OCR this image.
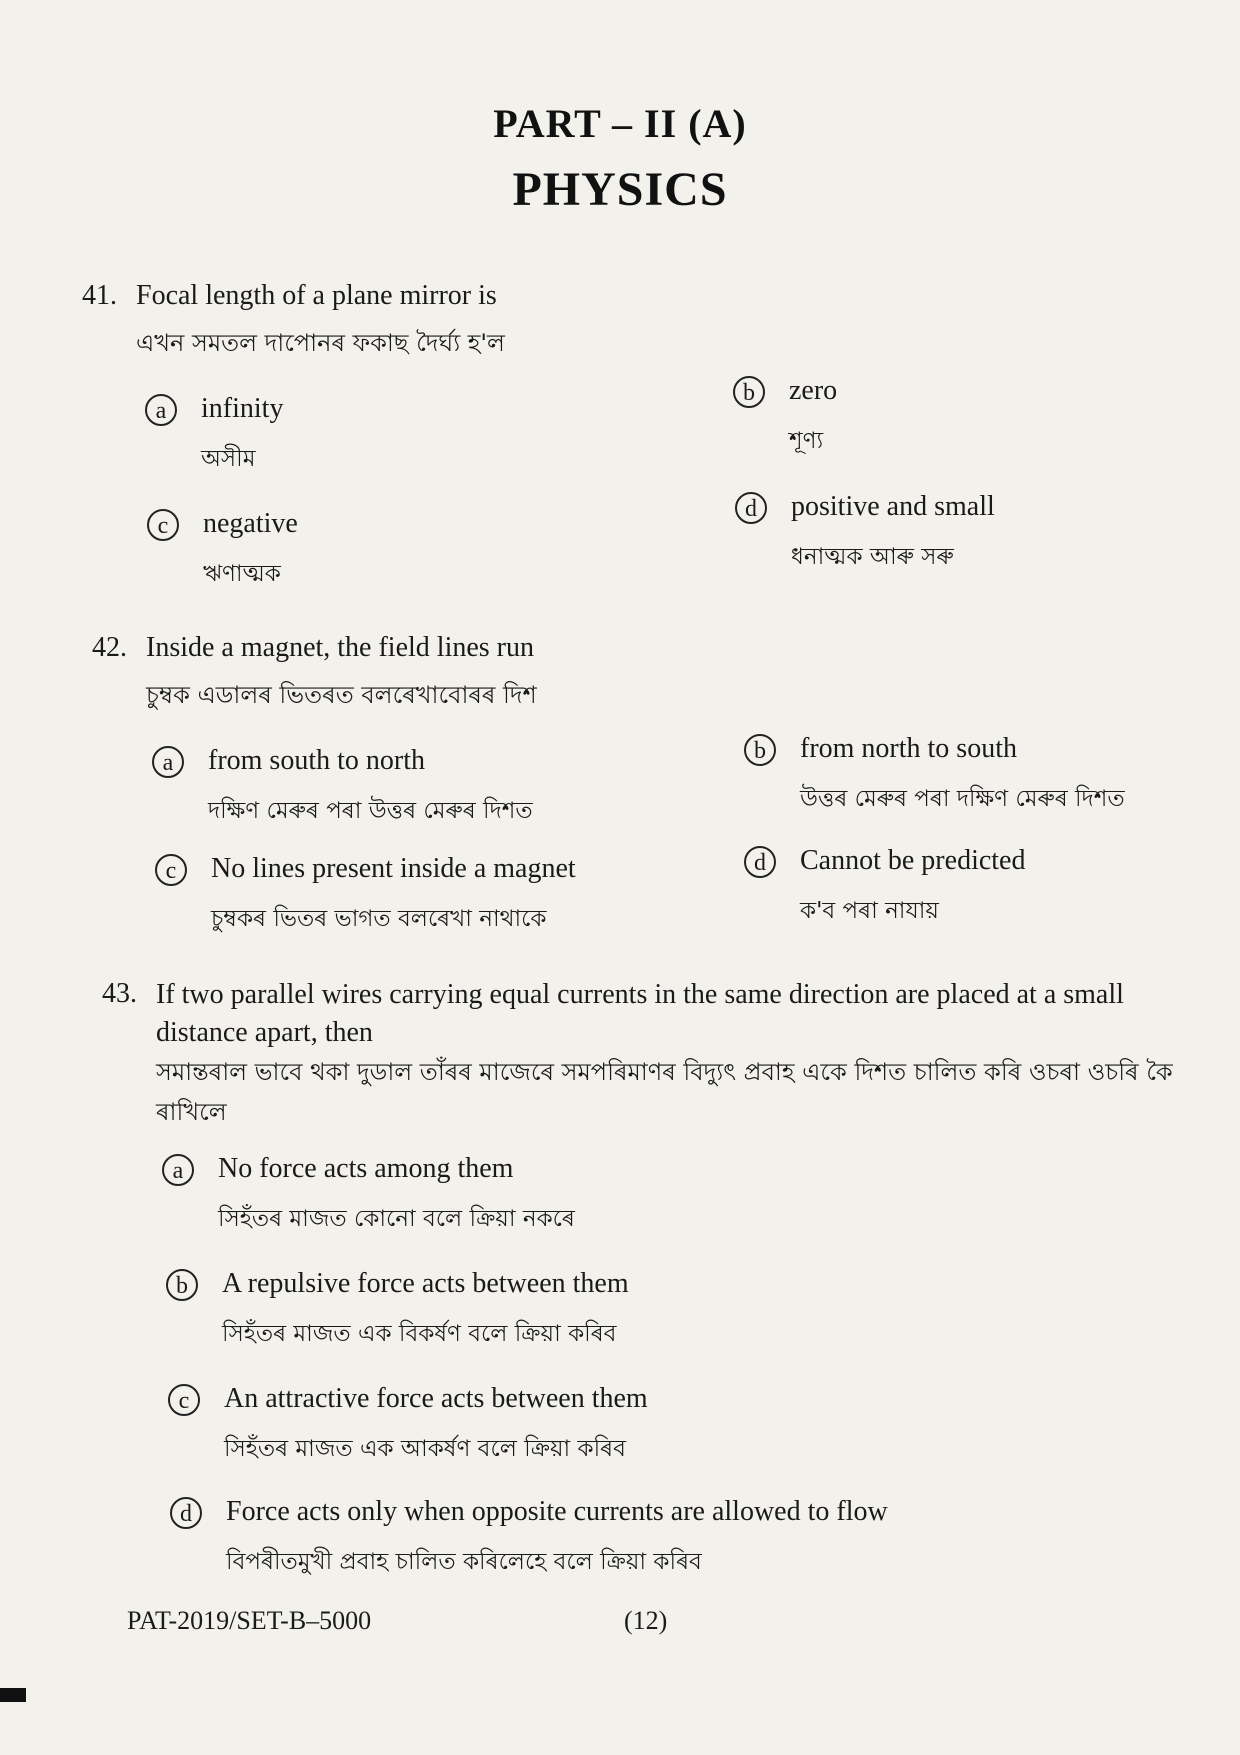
PART – II (A)
PHYSICS
41. Focal length of a plane mirror is
এখন সমতল দাপোনৰ ফকাছ দৈৰ্ঘ্য হ'ল
a	infinity
অসীম
b	zero
শূণ্য
c	negative
ঋণাত্মক
d	positive and small
ধনাত্মক আৰু সৰু
42. Inside a magnet, the field lines run
চুম্বক এডালৰ ভিতৰত বলৰেখাবোৰৰ দিশ
a	from south to north
দক্ষিণ মেৰুৰ পৰা উত্তৰ মেৰুৰ দিশত
b	from north to south
উত্তৰ মেৰুৰ পৰা দক্ষিণ মেৰুৰ দিশত
c	No lines present inside a magnet
চুম্বকৰ ভিতৰ ভাগত বলৰেখা নাথাকে
d	Cannot be predicted
ক'ব পৰা নাযায়
43. If two parallel wires carrying equal currents in the same direction are placed at a small distance apart, then
সমান্তৰাল ভাবে থকা দুডাল তাঁৰৰ মাজেৰে সমপৰিমাণৰ বিদ্যুৎ প্ৰবাহ একে দিশত চালিত কৰি ওচৰা ওচৰি কৈ ৰাখিলে
a	No force acts among them
সিহঁতৰ মাজত কোনো বলে ক্ৰিয়া নকৰে
b	A repulsive force acts between them
সিহঁতৰ মাজত এক বিকৰ্ষণ বলে ক্ৰিয়া কৰিব
c	An attractive force acts between them
সিহঁতৰ মাজত এক আকৰ্ষণ বলে ক্ৰিয়া কৰিব
d	Force acts only when opposite currents are allowed to flow
বিপৰীতমুখী প্ৰবাহ চালিত কৰিলেহে বলে ক্ৰিয়া কৰিব
PAT-2019/SET-B–5000	(12)
